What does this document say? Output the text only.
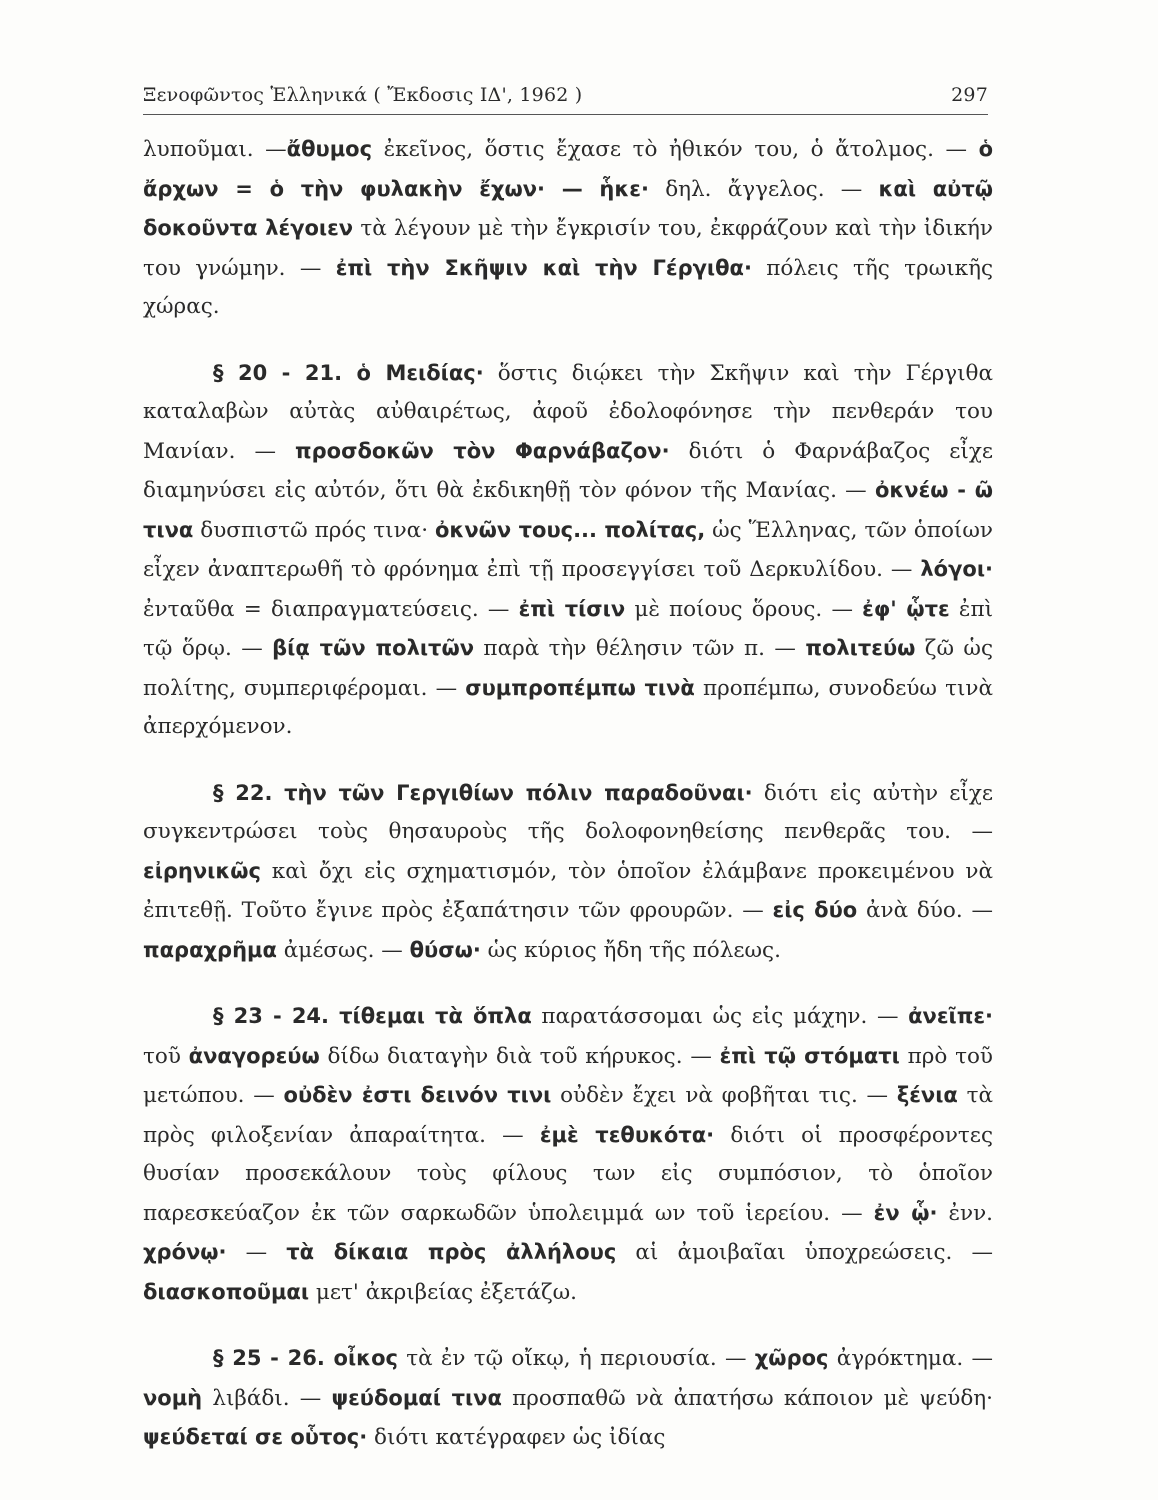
Ξενοφῶντος Ἑλληνικά ( Ἔκδοσις ΙΔ', 1962 )	297

λυποῦμαι. —ἄθυμος ἐκεῖνος, ὅστις ἔχασε τὸ ἠθικόν του, ὁ ἄτολμος. — ὁ ἄρχων = ὁ τὴν φυλακὴν ἔχων· — ἧκε· δηλ. ἄγγελος. — καὶ αὐτῷ δοκοῦντα λέγοιεν τὰ λέγουν μὲ τὴν ἔγκρισίν του, ἐκφράζουν καὶ τὴν ἰδικήν του γνώμην. — ἐπὶ τὴν Σκῆψιν καὶ τὴν Γέργιθα· πόλεις τῆς τρωικῆς χώρας.

§ 20 - 21. ὁ Μειδίας· ὅστις διῴκει τὴν Σκῆψιν καὶ τὴν Γέργιθα καταλαβὼν αὐτὰς αὐθαιρέτως, ἀφοῦ ἐδολοφόνησε τὴν πενθεράν του Μανίαν. — προσδοκῶν τὸν Φαρνάβαζον· διότι ὁ Φαρνάβαζος εἶχε διαμηνύσει εἰς αὐτόν, ὅτι θὰ ἐκδικηθῇ τὸν φόνον τῆς Μανίας. — ὀκνέω - ῶ τινα δυσπιστῶ πρός τινα· ὀκνῶν τους... πολίτας, ὡς Ἕλληνας, τῶν ὁποίων εἶχεν ἀναπτερωθῆ τὸ φρόνημα ἐπὶ τῇ προσεγγίσει τοῦ Δερκυλίδου. — λόγοι· ἐνταῦθα = διαπραγματεύσεις. — ἐπὶ τίσιν μὲ ποίους ὅρους. — ἐφ' ᾧτε ἐπὶ τῷ ὅρῳ. — βίᾳ τῶν πολιτῶν παρὰ τὴν θέλησιν τῶν π. — πολιτεύω ζῶ ὡς πολίτης, συμπεριφέρομαι. — συμπροπέμπω τινὰ προπέμπω, συνοδεύω τινὰ ἀπερχόμενον.

§ 22. τὴν τῶν Γεργιθίων πόλιν παραδοῦναι· διότι εἰς αὐτὴν εἶχε συγκεντρώσει τοὺς θησαυροὺς τῆς δολοφονηθείσης πενθερᾶς του. — εἰρηνικῶς καὶ ὄχι εἰς σχηματισμόν, τὸν ὁποῖον ἐλάμβανε προκειμένου νὰ ἐπιτεθῇ. Τοῦτο ἔγινε πρὸς ἐξαπάτησιν τῶν φρουρῶν. — εἰς δύο ἀνὰ δύο. — παραχρῆμα ἀμέσως. — θύσω· ὡς κύριος ἤδη τῆς πόλεως.

§ 23 - 24. τίθεμαι τὰ ὅπλα παρατάσσομαι ὡς εἰς μάχην. — ἀνεῖπε· τοῦ ἀναγορεύω δίδω διαταγὴν διὰ τοῦ κήρυκος. — ἐπὶ τῷ στόματι πρὸ τοῦ μετώπου. — οὐδὲν ἐστι δεινόν τινι οὐδὲν ἔχει νὰ φοβῆται τις. — ξένια τὰ πρὸς φιλοξενίαν ἀπαραίτητα. — ἐμὲ τεθυκότα· διότι οἱ προσφέροντες θυσίαν προσεκάλουν τοὺς φίλους των εἰς συμπόσιον, τὸ ὁποῖον παρεσκεύαζον ἐκ τῶν σαρκωδῶν ὑπολειμμά ων τοῦ ἱερείου. — ἐν ᾧ· ἐνν. χρόνῳ· — τὰ δίκαια πρὸς ἀλλήλους αἱ ἀμοιβαῖαι ὑποχρεώσεις. — διασκοποῦμαι μετ' ἀκριβείας ἐξετάζω.

§ 25 - 26. οἶκος τὰ ἐν τῷ οἴκῳ, ἡ περιουσία. — χῶρος ἀγρόκτημα. — νομὴ λιβάδι. — ψεύδομαί τινα προσπαθῶ νὰ ἀπατήσω κάποιον μὲ ψεύδη· ψεύδεταί σε οὗτος· διότι κατέγραφεν ὡς ἰδίας
